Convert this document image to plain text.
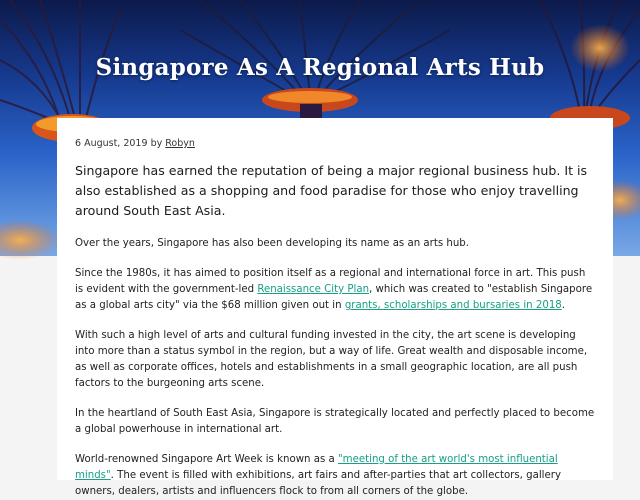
Singapore As A Regional Arts Hub
6 August, 2019 by Robyn

Singapore has earned the reputation of being a major regional business hub. It is also established as a shopping and food paradise for those who enjoy travelling around South East Asia.

Over the years, Singapore has also been developing its name as an arts hub.

Since the 1980s, it has aimed to position itself as a regional and international force in art. This push is evident with the government-led Renaissance City Plan, which was created to "establish Singapore as a global arts city" via the $68 million given out in grants, scholarships and bursaries in 2018.

With such a high level of arts and cultural funding invested in the city, the art scene is developing into more than a status symbol in the region, but a way of life. Great wealth and disposable income, as well as corporate offices, hotels and establishments in a small geographic location, are all push factors to the burgeoning arts scene.

In the heartland of South East Asia, Singapore is strategically located and perfectly placed to become a global powerhouse in international art.

World-renowned Singapore Art Week is known as a "meeting of the art world's most influential minds". The event is filled with exhibitions, art fairs and after-parties that art collectors, gallery owners, dealers, artists and influencers flock to from all corners of the globe.
